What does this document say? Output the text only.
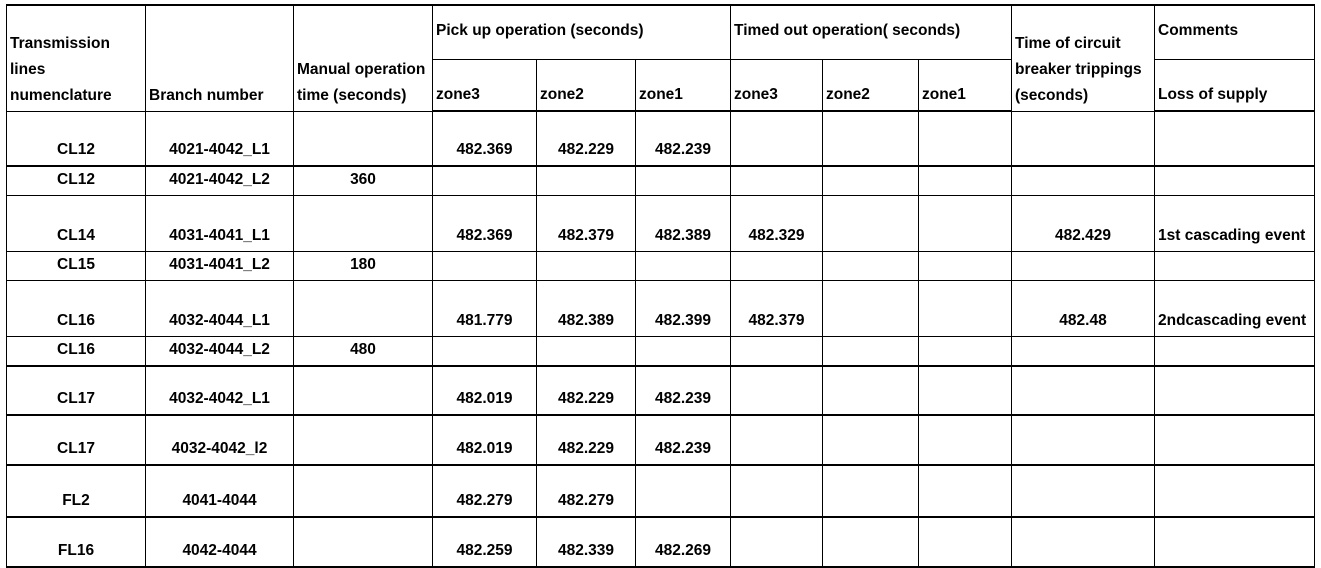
Transmission lines numenclature	Branch number	Manual operation time (seconds)	Pick up operation (seconds)			Timed out operation( seconds)			Time of circuit breaker trippings (seconds)	Comments
			zone3	zone2	zone1	zone3	zone2	zone1		Loss of supply
CL12	4021-4042_L1		482.369	482.229	482.239					
CL12	4021-4042_L2	360								
CL14	4031-4041_L1		482.369	482.379	482.389	482.329			482.429	1st cascading event
CL15	4031-4041_L2	180								
CL16	4032-4044_L1		481.779	482.389	482.399	482.379			482.48	2ndcascading event
CL16	4032-4044_L2	480								
CL17	4032-4042_L1		482.019	482.229	482.239					
CL17	4032-4042_l2		482.019	482.229	482.239					
FL2	4041-4044		482.279	482.279						
FL16	4042-4044		482.259	482.339	482.269					
